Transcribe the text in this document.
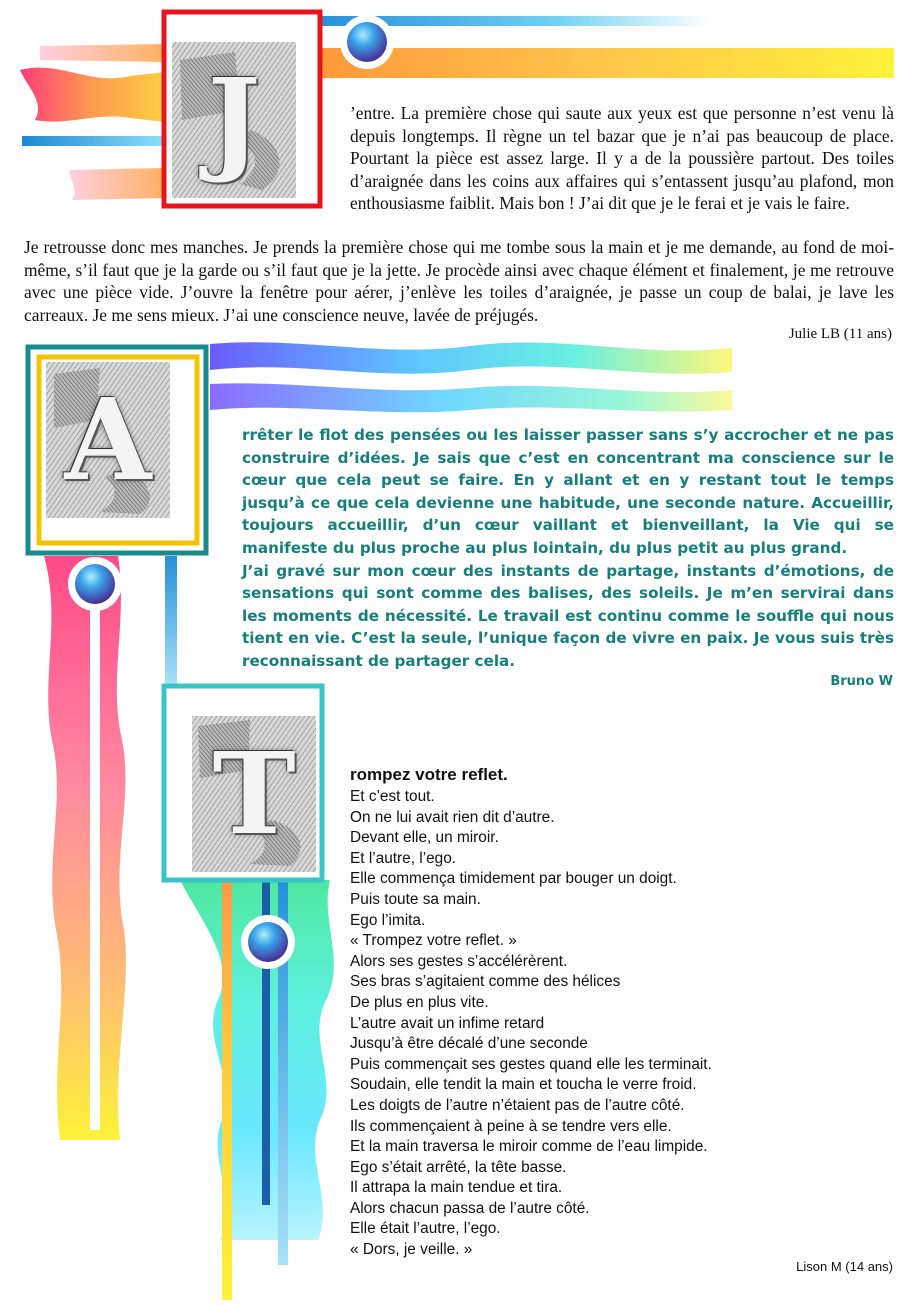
J
A
T

’entre. La première chose qui saute aux yeux est que personne n’est venu là depuis longtemps. Il règne un tel bazar que je n’ai pas beaucoup de place. Pourtant la pièce est assez large. Il y a de la poussière partout. Des toiles d’araignée dans les coins aux affaires qui s’entassent jusqu’au plafond, mon enthousiasme faiblit. Mais bon ! J’ai dit que je le ferai et je vais le faire.

Je retrousse donc mes manches. Je prends la première chose qui me tombe sous la main et je me demande, au fond de moi-même, s’il faut que je la garde ou s’il faut que je la jette. Je procède ainsi avec chaque élément et finalement, je me retrouve avec une pièce vide. J’ouvre la fenêtre pour aérer, j’enlève les toiles d’araignée, je passe un coup de balai, je lave les carreaux. Je me sens mieux. J’ai une conscience neuve, lavée de préjugés.

Julie LB (11 ans)

rrêter le flot des pensées ou les laisser passer sans s’y accrocher et ne pas construire d’idées. Je sais que c’est en concentrant ma conscience sur le cœur que cela peut se faire. En y allant et en y restant tout le temps jusqu’à ce que cela devienne une habitude, une seconde nature. Accueillir, toujours accueillir, d’un cœur vaillant et bienveillant, la Vie qui se manifeste du plus proche au plus lointain, du plus petit au plus grand.

J’ai gravé sur mon cœur des instants de partage, instants d’émotions, de sensations qui sont comme des balises, des soleils. Je m’en servirai dans les moments de nécessité. Le travail est continu comme le souffle qui nous tient en vie. C’est la seule, l’unique façon de vivre en paix. Je vous suis très reconnaissant de partager cela.

Bruno W
rompez votre reflet.
Et c’est tout.
On ne lui avait rien dit d’autre.
Devant elle, un miroir.
Et l’autre, l’ego.
Elle commença timidement par bouger un doigt.
Puis toute sa main.
Ego l’imita.
« Trompez votre reflet. »
Alors ses gestes s’accélérèrent.
Ses bras s’agitaient comme des hélices
De plus en plus vite.
L’autre avait un infime retard
Jusqu’à être décalé d’une seconde
Puis commençait ses gestes quand elle les terminait.
Soudain, elle tendit la main et toucha le verre froid.
Les doigts de l’autre n’étaient pas de l’autre côté.
Ils commençaient à peine à se tendre vers elle.
Et la main traversa le miroir comme de l’eau limpide.
Ego s’était arrêté, la tête basse.
Il attrapa la main tendue et tira.
Alors chacun passa de l’autre côté.
Elle était l’autre, l’ego.
« Dors, je veille. »
Lison M (14 ans)
